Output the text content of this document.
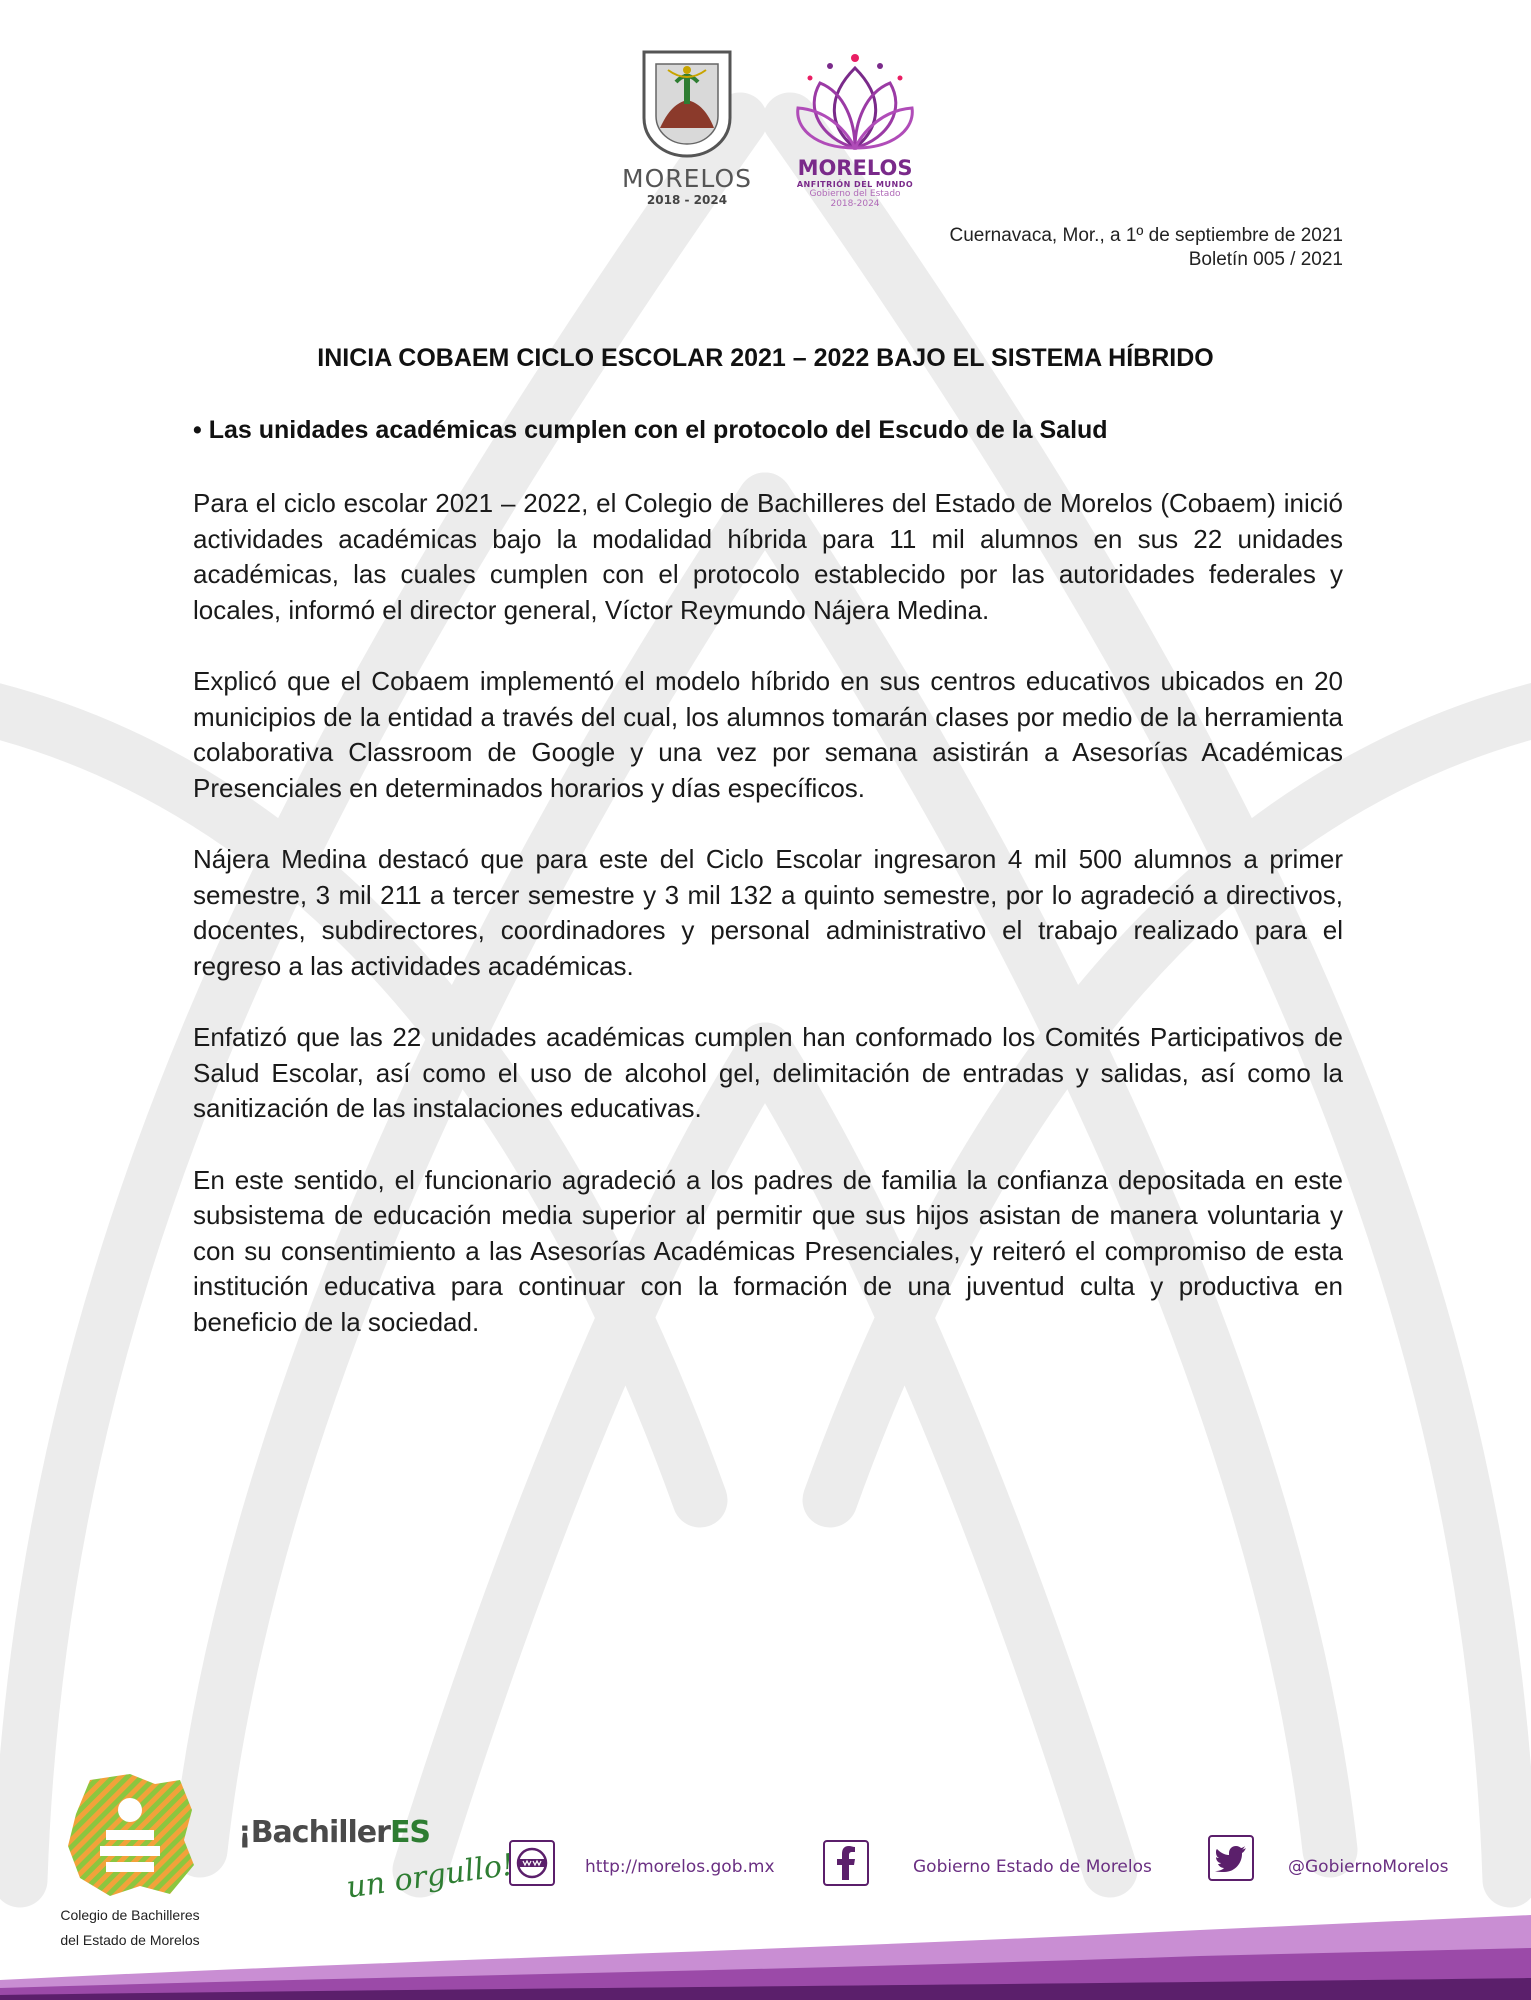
MORELOS
2018 - 2024
MORELOS
ANFITRIÓN DEL MUNDO
Gobierno del Estado
2018-2024
Cuernavaca, Mor., a 1º de septiembre de 2021
Boletín 005 / 2021
INICIA COBAEM CICLO ESCOLAR 2021 – 2022 BAJO EL SISTEMA HÍBRIDO
• Las unidades académicas cumplen con el protocolo del Escudo de la Salud

Para el ciclo escolar 2021 – 2022, el Colegio de Bachilleres del Estado de Morelos (Cobaem) inició actividades académicas bajo la modalidad híbrida para 11 mil alumnos en sus 22 unidades académicas, las cuales cumplen con el protocolo establecido por las autoridades federales y locales, informó el director general, Víctor Reymundo Nájera Medina.

Explicó que el Cobaem implementó el modelo híbrido en sus centros educativos ubicados en 20 municipios de la entidad a través del cual, los alumnos tomarán clases por medio de la herramienta colaborativa Classroom de Google y una vez por semana asistirán a Asesorías Académicas Presenciales en determinados horarios y días específicos.

Nájera Medina destacó que para este del Ciclo Escolar ingresaron 4 mil 500 alumnos a primer semestre, 3 mil 211 a tercer semestre y 3 mil 132 a quinto semestre, por lo agradeció a directivos, docentes, subdirectores, coordinadores y personal administrativo el trabajo realizado para el regreso a las actividades académicas.

Enfatizó que las 22 unidades académicas cumplen han conformado los Comités Participativos de Salud Escolar, así como el uso de alcohol gel, delimitación de entradas y salidas, así como la sanitización de las instalaciones educativas.

En este sentido, el funcionario agradeció a los padres de familia la confianza depositada en este subsistema de educación media superior al permitir que sus hijos asistan de manera voluntaria y con su consentimiento a las Asesorías Académicas Presenciales, y reiteró el compromiso de esta institución educativa para continuar con la formación de una juventud culta y productiva en beneficio de la sociedad.

Colegio de Bachilleres
del Estado de Morelos
¡BachillerES
un orgullo!	http://morelos.gob.mx	Gobierno Estado de Morelos	@GobiernoMorelos
